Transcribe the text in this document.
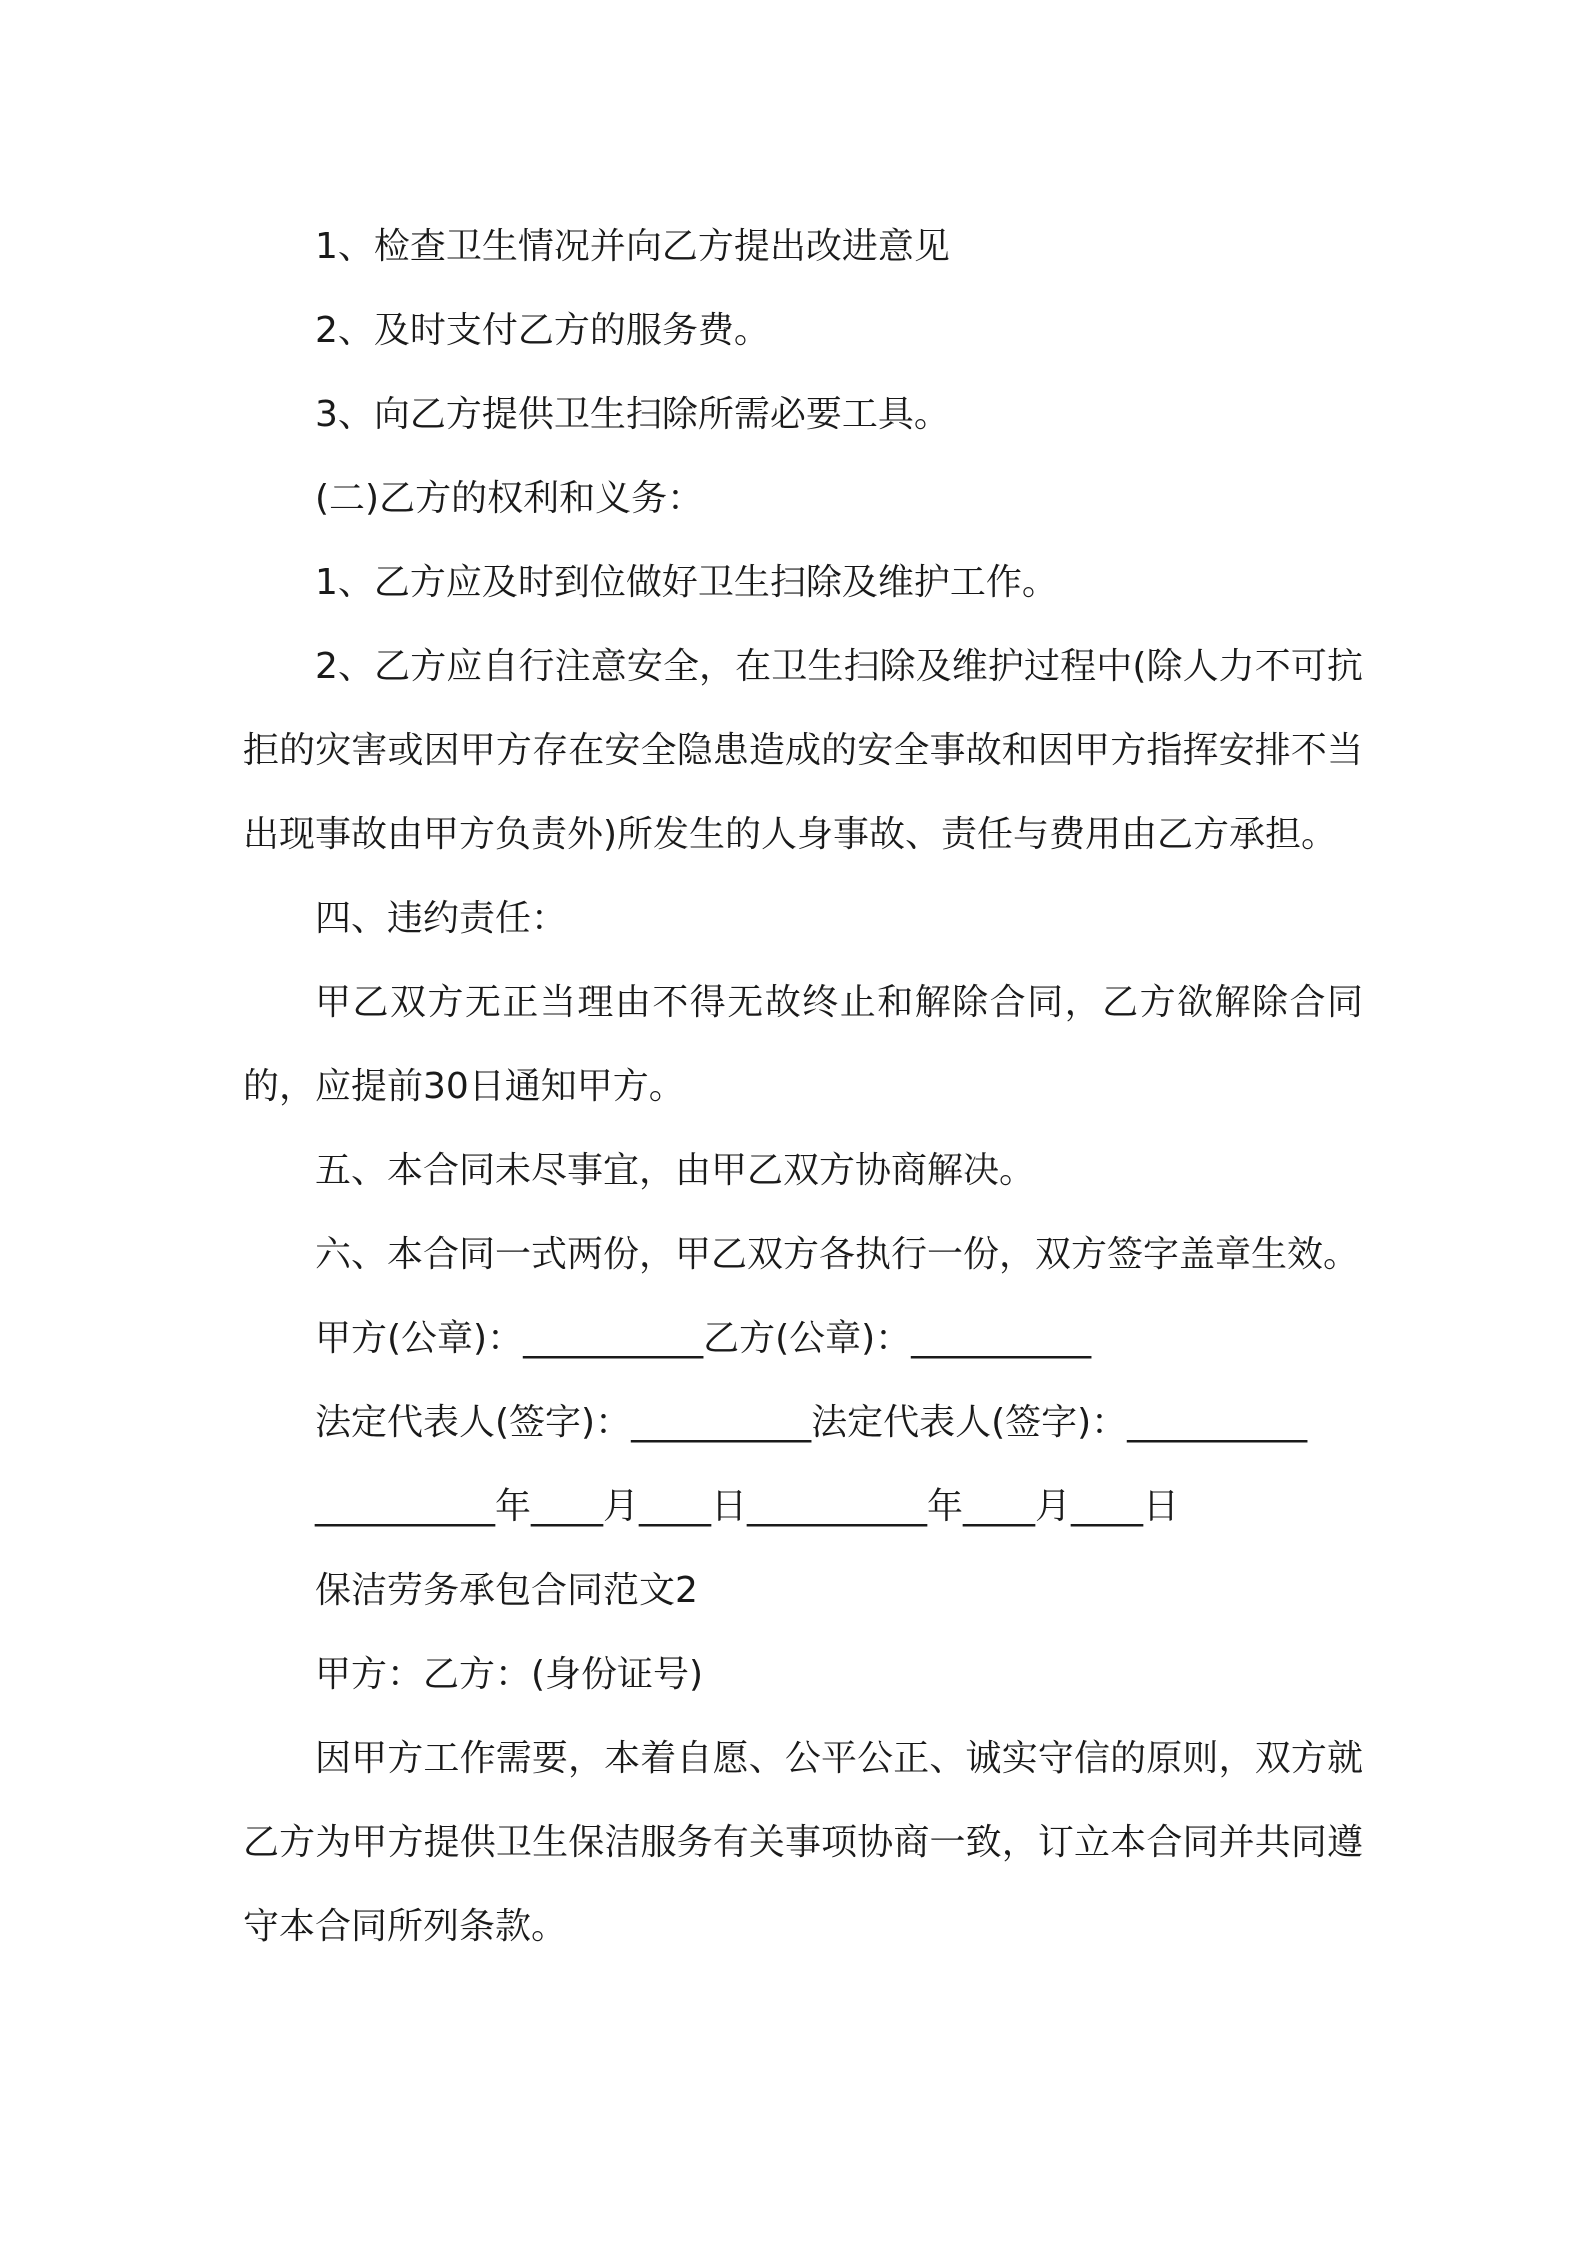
1、检查卫生情况并向乙方提出改进意见

2、及时支付乙方的服务费。

3、向乙方提供卫生扫除所需必要工具。

(二)乙方的权利和义务：

1、乙方应及时到位做好卫生扫除及维护工作。

2、乙方应自行注意安全，在卫生扫除及维护过程中(除人力不可抗拒的灾害或因甲方存在安全隐患造成的安全事故和因甲方指挥安排不当出现事故由甲方负责外)所发生的人身事故、责任与费用由乙方承担。

四、违约责任：

甲乙双方无正当理由不得无故终止和解除合同，乙方欲解除合同的，应提前30日通知甲方。

五、本合同未尽事宜，由甲乙双方协商解决。

六、本合同一式两份，甲乙双方各执行一份，双方签字盖章生效。

甲方(公章)：__________乙方(公章)：__________

法定代表人(签字)：__________法定代表人(签字)：__________

__________年____月____日__________年____月____日

保洁劳务承包合同范文2

甲方：乙方：(身份证号)

因甲方工作需要，本着自愿、公平公正、诚实守信的原则，双方就乙方为甲方提供卫生保洁服务有关事项协商一致，订立本合同并共同遵守本合同所列条款。
